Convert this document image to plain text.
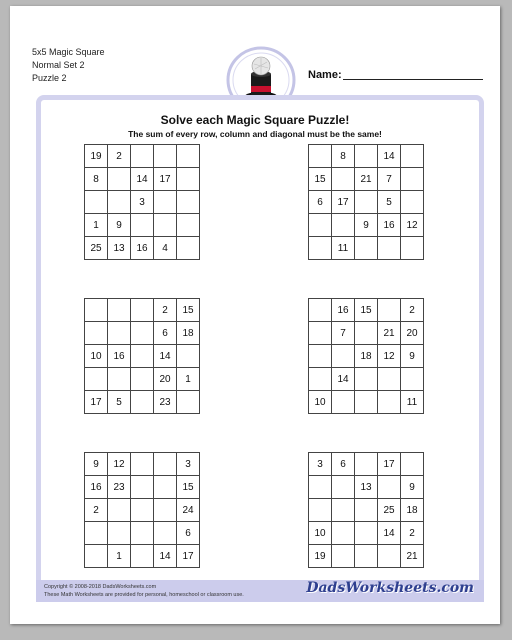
5x5 Magic Square
Normal Set 2
Puzzle 2	Name:
Solve each Magic Square Puzzle!
The sum of every row, column and diagonal must be the same!
19	2			
8		14	17	
		3		
1	9			
25	13	16	4	
	8		14	
15		21	7	
6	17		5	
		9	16	12
	11			
			2	15
			6	18
10	16		14	
			20	1
17	5		23	
	16	15		2
	7		21	20
		18	12	9
	14			
10				11
9	12			3
16	23			15
2				24
				6
	1		14	17
3	6		17	
		13		9
			25	18
10			14	2
19				21
Copyright © 2008-2018 DadsWorksheets.com
These Math Worksheets are provided for personal, homeschool or classroom use.	DadsWorksheets.com
